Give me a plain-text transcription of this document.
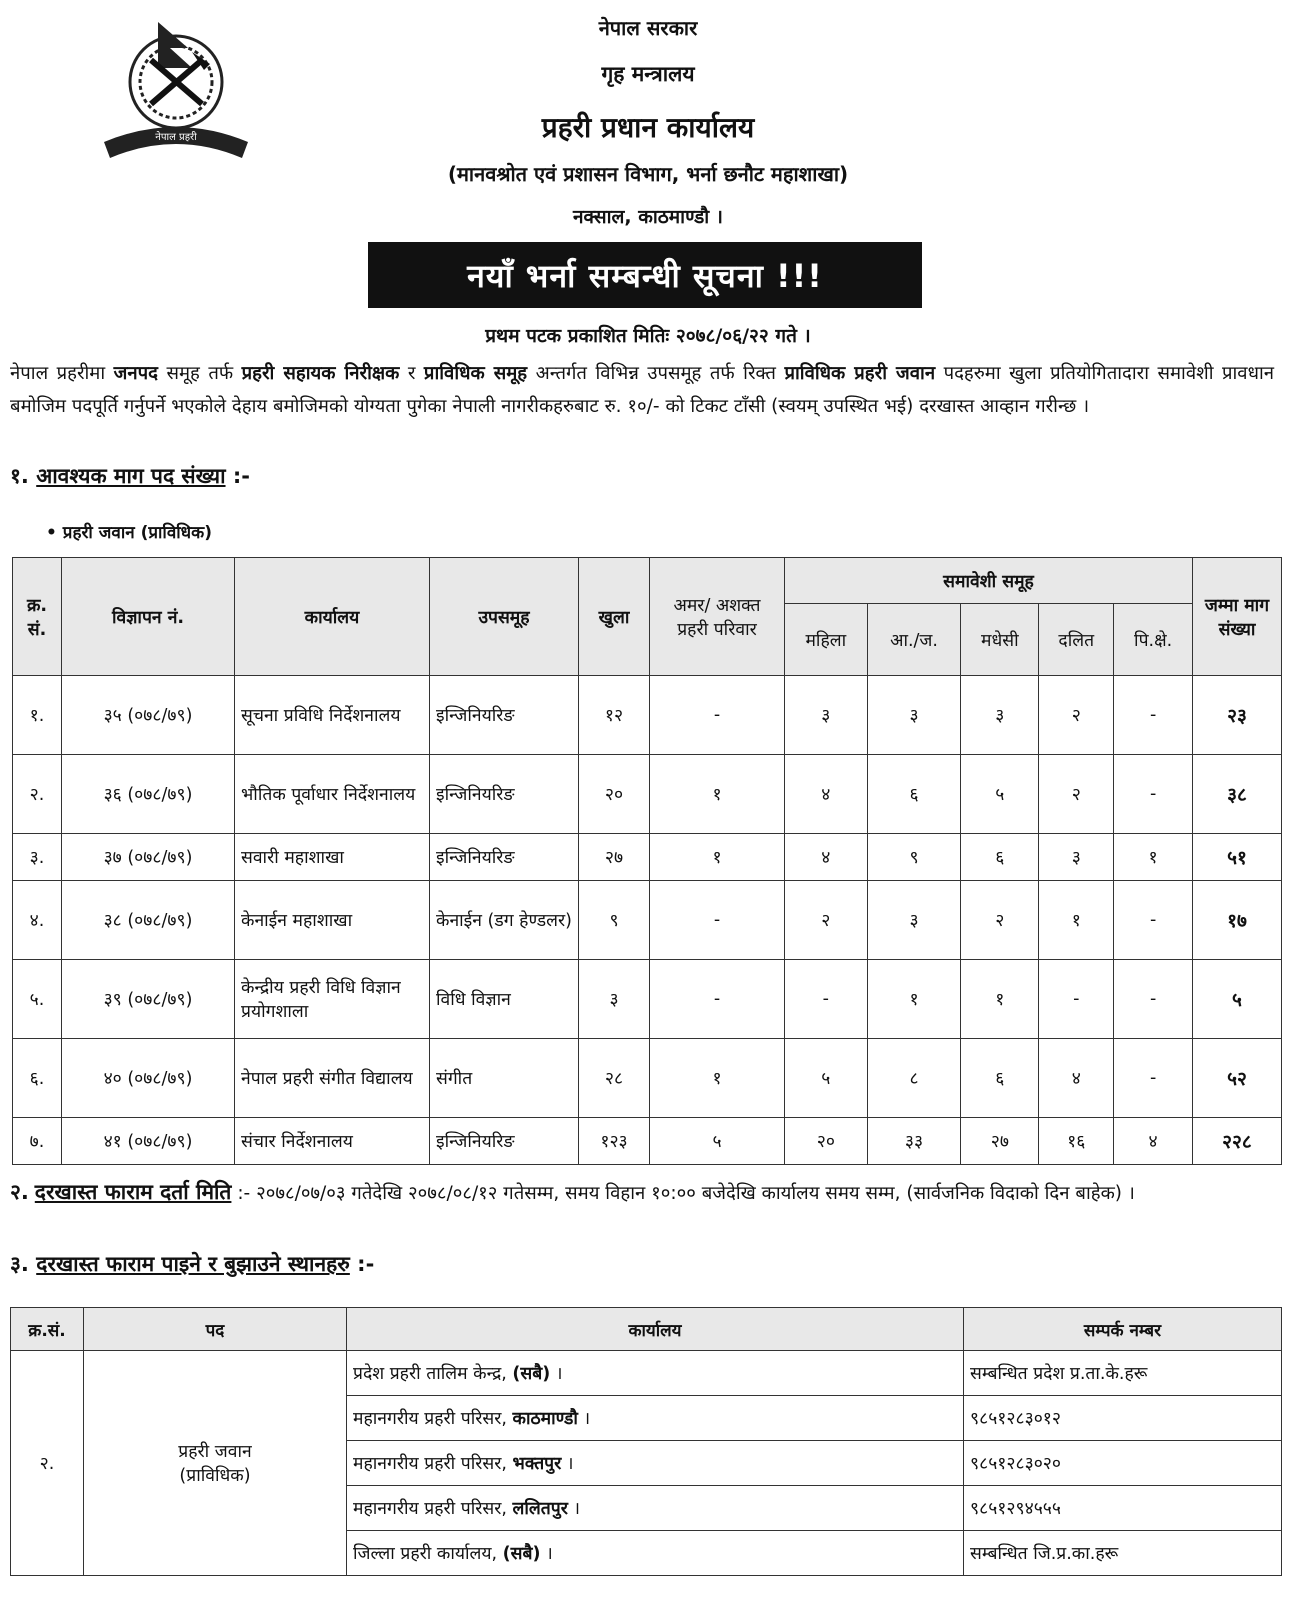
नेपाल प्रहरी
सत्य सेवा सुरक्षणम्
नेपाल सरकार
गृह मन्त्रालय
प्रहरी प्रधान कार्यालय
(मानवश्रोत एवं प्रशासन विभाग, भर्ना छनौट महाशाखा)
नक्साल, काठमाण्डौ ।
नयाँ भर्ना सम्बन्धी सूचना !!!
प्रथम पटक प्रकाशित मितिः २०७८/०६/२२ गते ।
नेपाल प्रहरीमा जनपद समूह तर्फ प्रहरी सहायक निरीक्षक र प्राविधिक समूह अन्तर्गत विभिन्न उपसमूह तर्फ रिक्त प्राविधिक प्रहरी जवान पदहरुमा खुला प्रतियोगितादारा समावेशी प्रावधान बमोजिम पदपूर्ति गर्नुपर्ने भएकोले देहाय बमोजिमको योग्यता पुगेका नेपाली नागरीकहरुबाट रु. १०/- को टिकट टाँसी (स्वयम् उपस्थित भई) दरखास्त आव्हान गरीन्छ ।
१. आवश्यक माग पद संख्या :-
• प्रहरी जवान (प्राविधिक)
क्र. सं.	विज्ञापन नं.	कार्यालय	उपसमूह	खुला	अमर/ अशक्त प्रहरी परिवार	समावेशी समूह					जम्मा माग संख्या
						महिला	आ./ज.	मधेसी	दलित	पि.क्षे.	
१.	३५ (०७८/७९)	सूचना प्रविधि निर्देशनालय	इन्जिनियरिङ	१२	-	३	३	३	२	-	२३
२.	३६ (०७८/७९)	भौतिक पूर्वाधार निर्देशनालय	इन्जिनियरिङ	२०	१	४	६	५	२	-	३८
३.	३७ (०७८/७९)	सवारी महाशाखा	इन्जिनियरिङ	२७	१	४	९	६	३	१	५१
४.	३८ (०७८/७९)	केनाईन महाशाखा	केनाईन (डग हेण्डलर)	९	-	२	३	२	१	-	१७
५.	३९ (०७८/७९)	केन्द्रीय प्रहरी विधि विज्ञान प्रयोगशाला	विधि विज्ञान	३	-	-	१	१	-	-	५
६.	४० (०७८/७९)	नेपाल प्रहरी संगीत विद्यालय	संगीत	२८	१	५	८	६	४	-	५२
७.	४१ (०७८/७९)	संचार निर्देशनालय	इन्जिनियरिङ	१२३	५	२०	३३	२७	१६	४	२२८
२. दरखास्त फाराम दर्ता मिति :- २०७८/०७/०३ गतेदेखि २०७८/०८/१२ गतेसम्म, समय विहान १०:०० बजेदेखि कार्यालय समय सम्म, (सार्वजनिक विदाको दिन बाहेक) ।
३. दरखास्त फाराम पाइने र बुझाउने स्थानहरु :-
क्र.सं.	पद	कार्यालय	सम्पर्क नम्बर
२.	प्रहरी जवान (प्राविधिक)	प्रदेश प्रहरी तालिम केन्द्र, (सबै) ।	सम्बन्धित प्रदेश प्र.ता.के.हरू
		महानगरीय प्रहरी परिसर, काठमाण्डौ ।	९८५१२८३०१२
		महानगरीय प्रहरी परिसर, भक्तपुर ।	९८५१२८३०२०
		महानगरीय प्रहरी परिसर, ललितपुर ।	९८५१२९४५५५
		जिल्ला प्रहरी कार्यालय, (सबै) ।	सम्बन्धित जि.प्र.का.हरू
